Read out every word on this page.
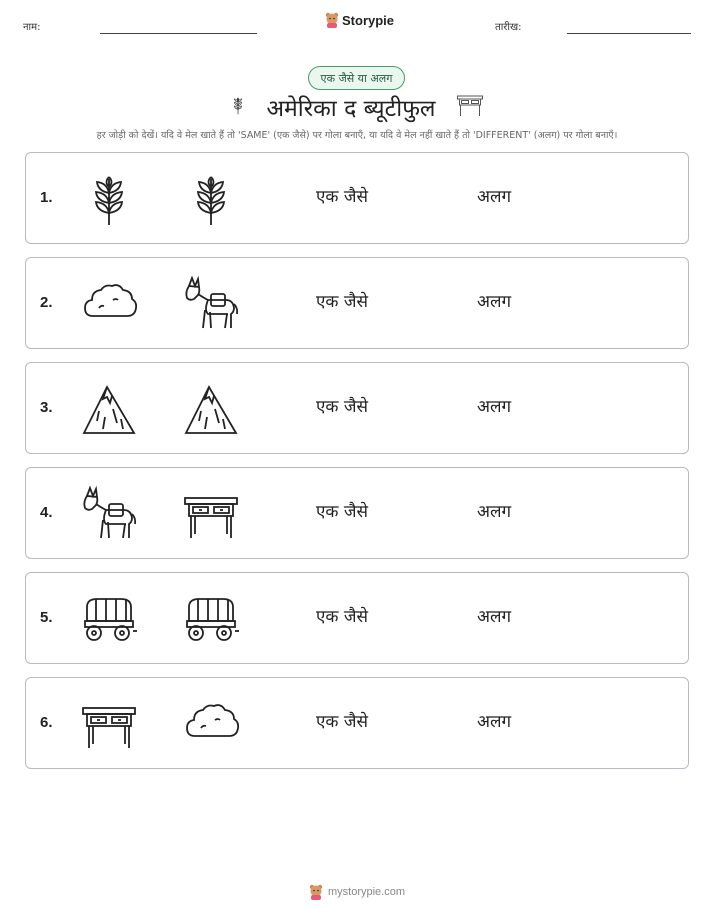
नाम:	Storypie	तारीख:
एक जैसे या अलग
अमेरिका द ब्यूटीफुल
हर जोड़ी को देखें। यदि वे मेल खाते हैं तो 'SAME' (एक जैसे) पर गोला बनाएँ, या यदि वे मेल नहीं खाते हैं तो 'DIFFERENT' (अलग) पर गोला बनाएँ।
1.	एक जैसे	अलग
2.	एक जैसे	अलग
3.	एक जैसे	अलग
4.	एक जैसे	अलग
5.	एक जैसे	अलग
6.	एक जैसे	अलग
mystorypie.com
